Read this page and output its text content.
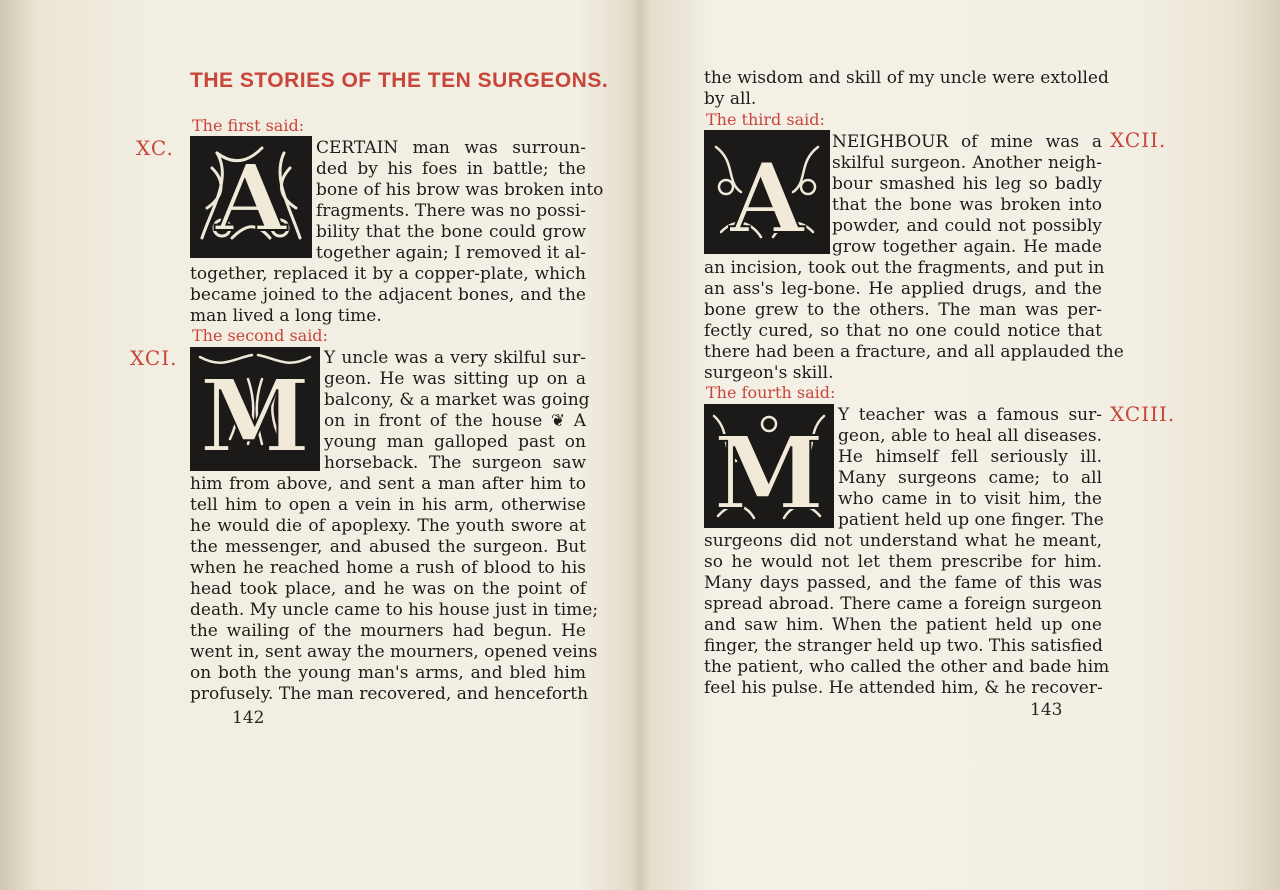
THE STORIES OF THE TEN SURGEONS.
The first said:
XC. A CERTAIN man was surroun-
ded by his foes in battle; the
bone of his brow was broken into
fragments. There was no possi-
bility that the bone could grow
together again; I removed it al-
together, replaced it by a copper-plate, which
became joined to the adjacent bones, and the
man lived a long time.
The second said:
XCI. M Y uncle was a very skilful sur-
geon. He was sitting up on a
balcony, & a market was going
on in front of the house ❦ A
young man galloped past on
horseback. The surgeon saw
him from above, and sent a man after him to
tell him to open a vein in his arm, otherwise
he would die of apoplexy. The youth swore at
the messenger, and abused the surgeon. But
when he reached home a rush of blood to his
head took place, and he was on the point of
death. My uncle came to his house just in time;
the wailing of the mourners had begun. He
went in, sent away the mourners, opened veins
on both the young man's arms, and bled him
profusely. The man recovered, and henceforth
142
the wisdom and skill of my uncle were extolled
by all.
The third said:
XCII.
A NEIGHBOUR of mine was a
skilful surgeon. Another neigh-
bour smashed his leg so badly
that the bone was broken into
powder, and could not possibly
grow together again. He made
an incision, took out the fragments, and put in
an ass's leg-bone. He applied drugs, and the
bone grew to the others. The man was per-
fectly cured, so that no one could notice that
there had been a fracture, and all applauded the
surgeon's skill.
The fourth said:
XCIII.
M Y teacher was a famous sur-
geon, able to heal all diseases.
He himself fell seriously ill.
Many surgeons came; to all
who came in to visit him, the
patient held up one finger. The
surgeons did not understand what he meant,
so he would not let them prescribe for him.
Many days passed, and the fame of this was
spread abroad. There came a foreign surgeon
and saw him. When the patient held up one
finger, the stranger held up two. This satisfied
the patient, who called the other and bade him
feel his pulse. He attended him, & he recover-
143
